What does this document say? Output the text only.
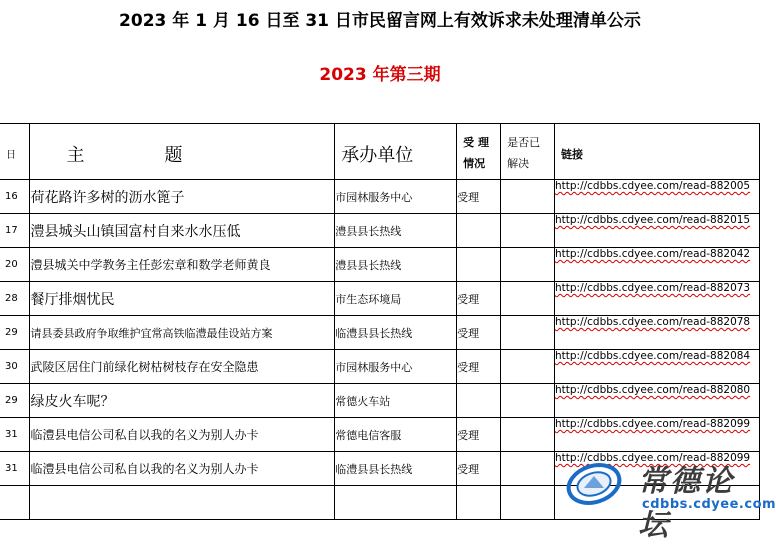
2023 年 1 月 16 日至 31 日市民留言网上有效诉求未处理清单公示
2023 年第三期
日	主 题	承办单位	受 理 情况	是否已 解决	链接
16	荷花路许多树的沥水篦子	市园林服务中心	受理		http://cdbbs.cdyee.com/read-882005
17	澧县城头山镇国富村自来水水压低	澧县县长热线			http://cdbbs.cdyee.com/read-882015
20	澧县城关中学教务主任彭宏章和数学老师黄良	澧县县长热线			http://cdbbs.cdyee.com/read-882042
28	餐厅排烟忧民	市生态环境局	受理		http://cdbbs.cdyee.com/read-882073
29	请县委县政府争取维护宜常高铁临澧最佳设站方案	临澧县县长热线	受理		http://cdbbs.cdyee.com/read-882078
30	武陵区居住门前绿化树枯树枝存在安全隐患	市园林服务中心	受理		http://cdbbs.cdyee.com/read-882084
29	绿皮火车呢？	常德火车站			http://cdbbs.cdyee.com/read-882080
31	临澧县电信公司私自以我的名义为别人办卡	常德电信客服	受理		http://cdbbs.cdyee.com/read-882099
31	临澧县电信公司私自以我的名义为别人办卡	临澧县县长热线	受理		http://cdbbs.cdyee.com/read-882099

常德论坛
cdbbs.cdyee.com
